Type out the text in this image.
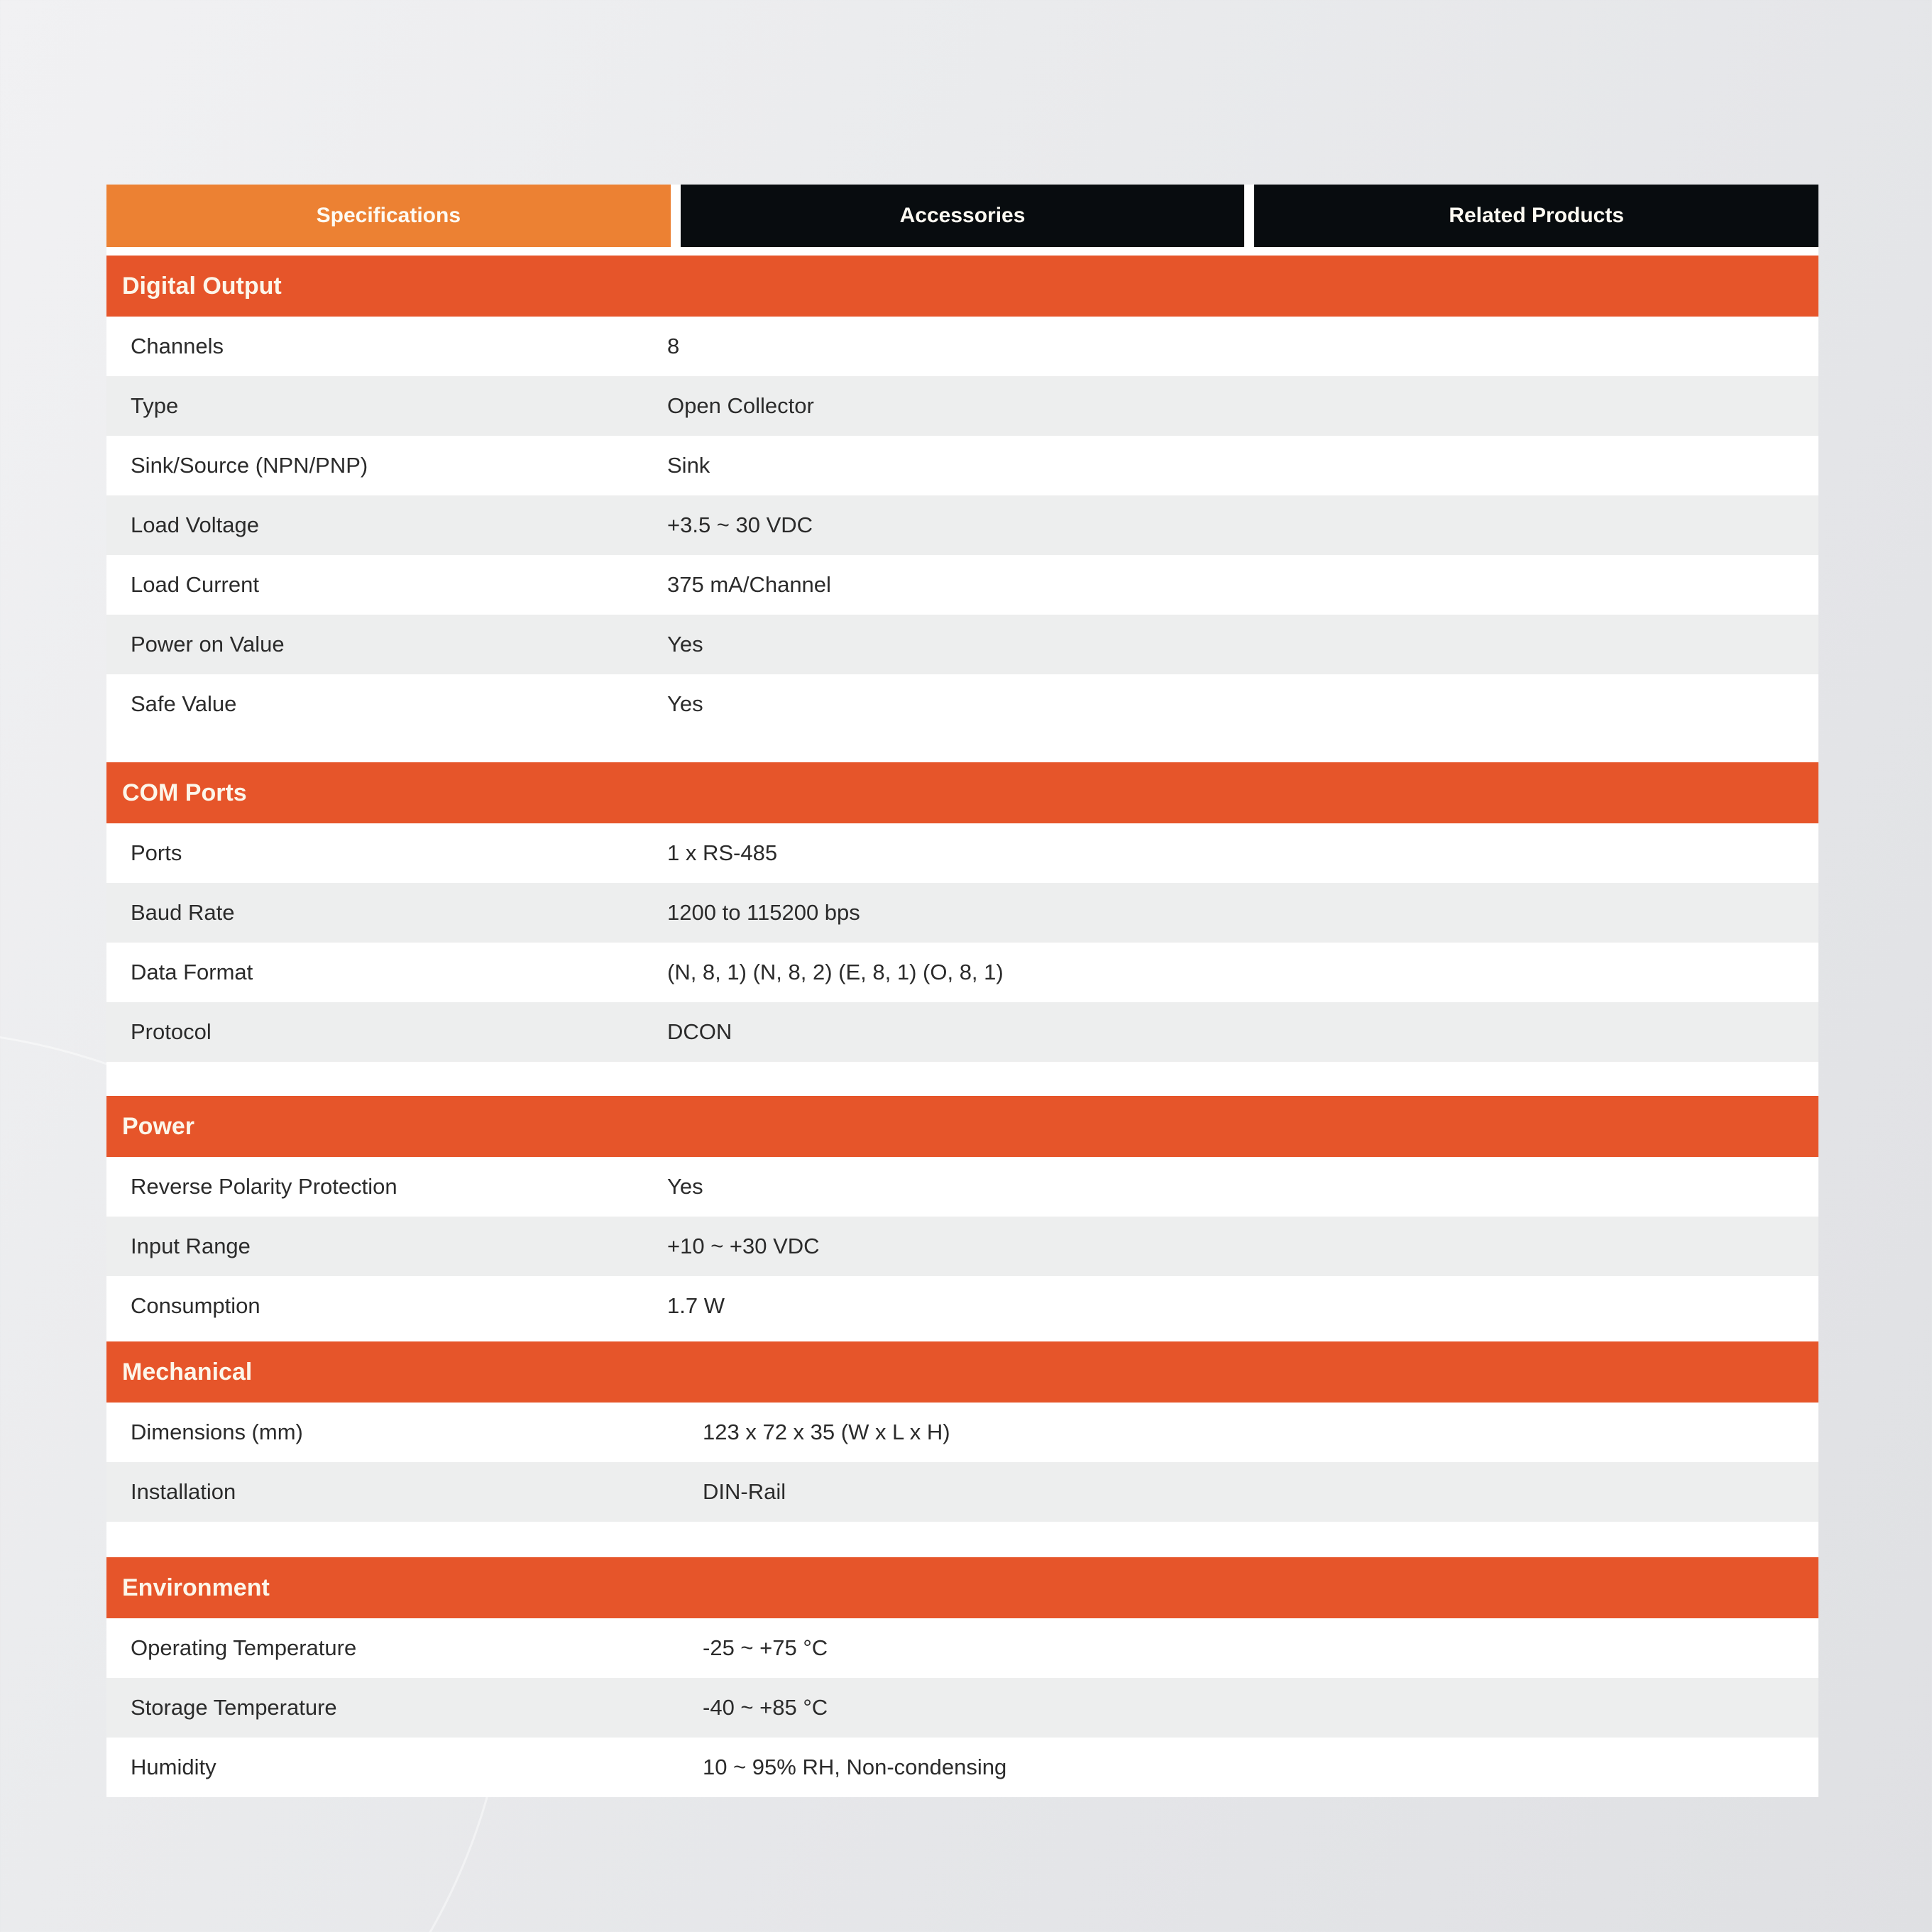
Specifications	Accessories	Related Products
Digital Output
Channels	8
Type	Open Collector
Sink/Source (NPN/PNP)	Sink
Load Voltage	+3.5 ~ 30 VDC
Load Current	375 mA/Channel
Power on Value	Yes
Safe Value	Yes
COM Ports
Ports	1 x RS-485
Baud Rate	1200 to 115200 bps
Data Format	(N, 8, 1) (N, 8, 2) (E, 8, 1) (O, 8, 1)
Protocol	DCON
Power
Reverse Polarity Protection	Yes
Input Range	+10 ~ +30 VDC
Consumption	1.7 W
Mechanical
Dimensions (mm)	123 x 72 x 35 (W x L x H)
Installation	DIN-Rail
Environment
Operating Temperature	-25 ~ +75 °C
Storage Temperature	-40 ~ +85 °C
Humidity	10 ~ 95% RH, Non-condensing
